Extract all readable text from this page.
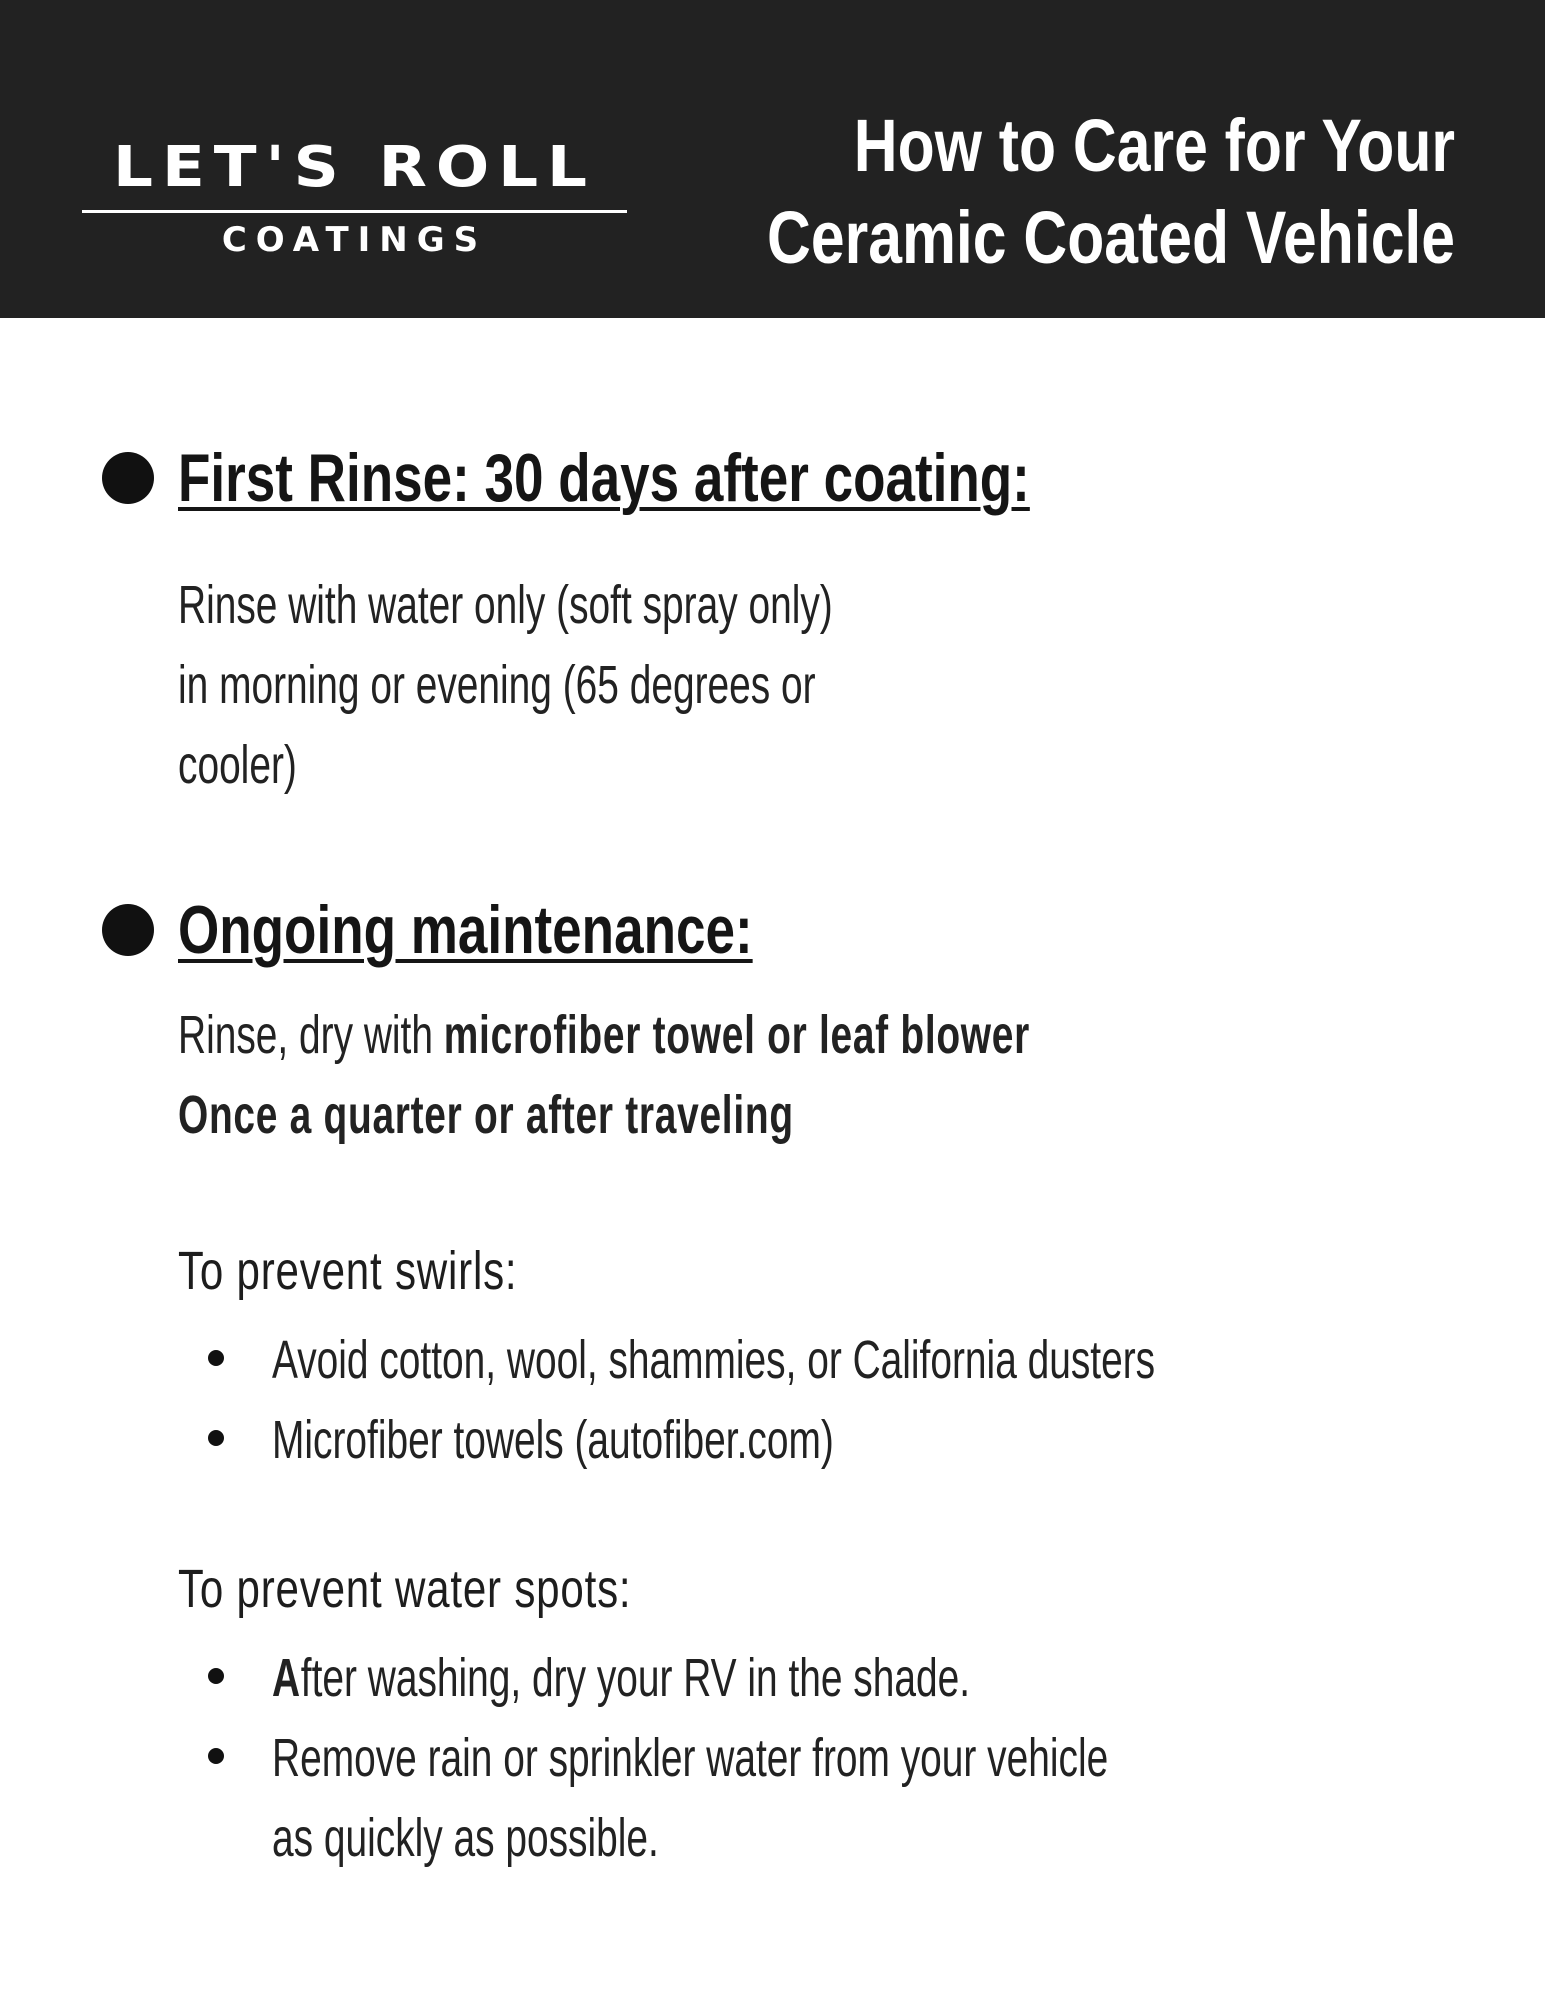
LET'S ROLL
COATINGS
How to Care for Your
Ceramic Coated Vehicle
First Rinse: 30 days after coating:
Rinse with water only (soft spray only)
in morning or evening (65 degrees or
cooler)
Ongoing maintenance:
Rinse, dry with microfiber towel or leaf blower
Once a quarter or after traveling
To prevent swirls:
Avoid cotton, wool, shammies, or California dusters
Microfiber towels (autofiber.com)
To prevent water spots:
After washing, dry your RV in the shade.
Remove rain or sprinkler water from your vehicle
as quickly as possible.
